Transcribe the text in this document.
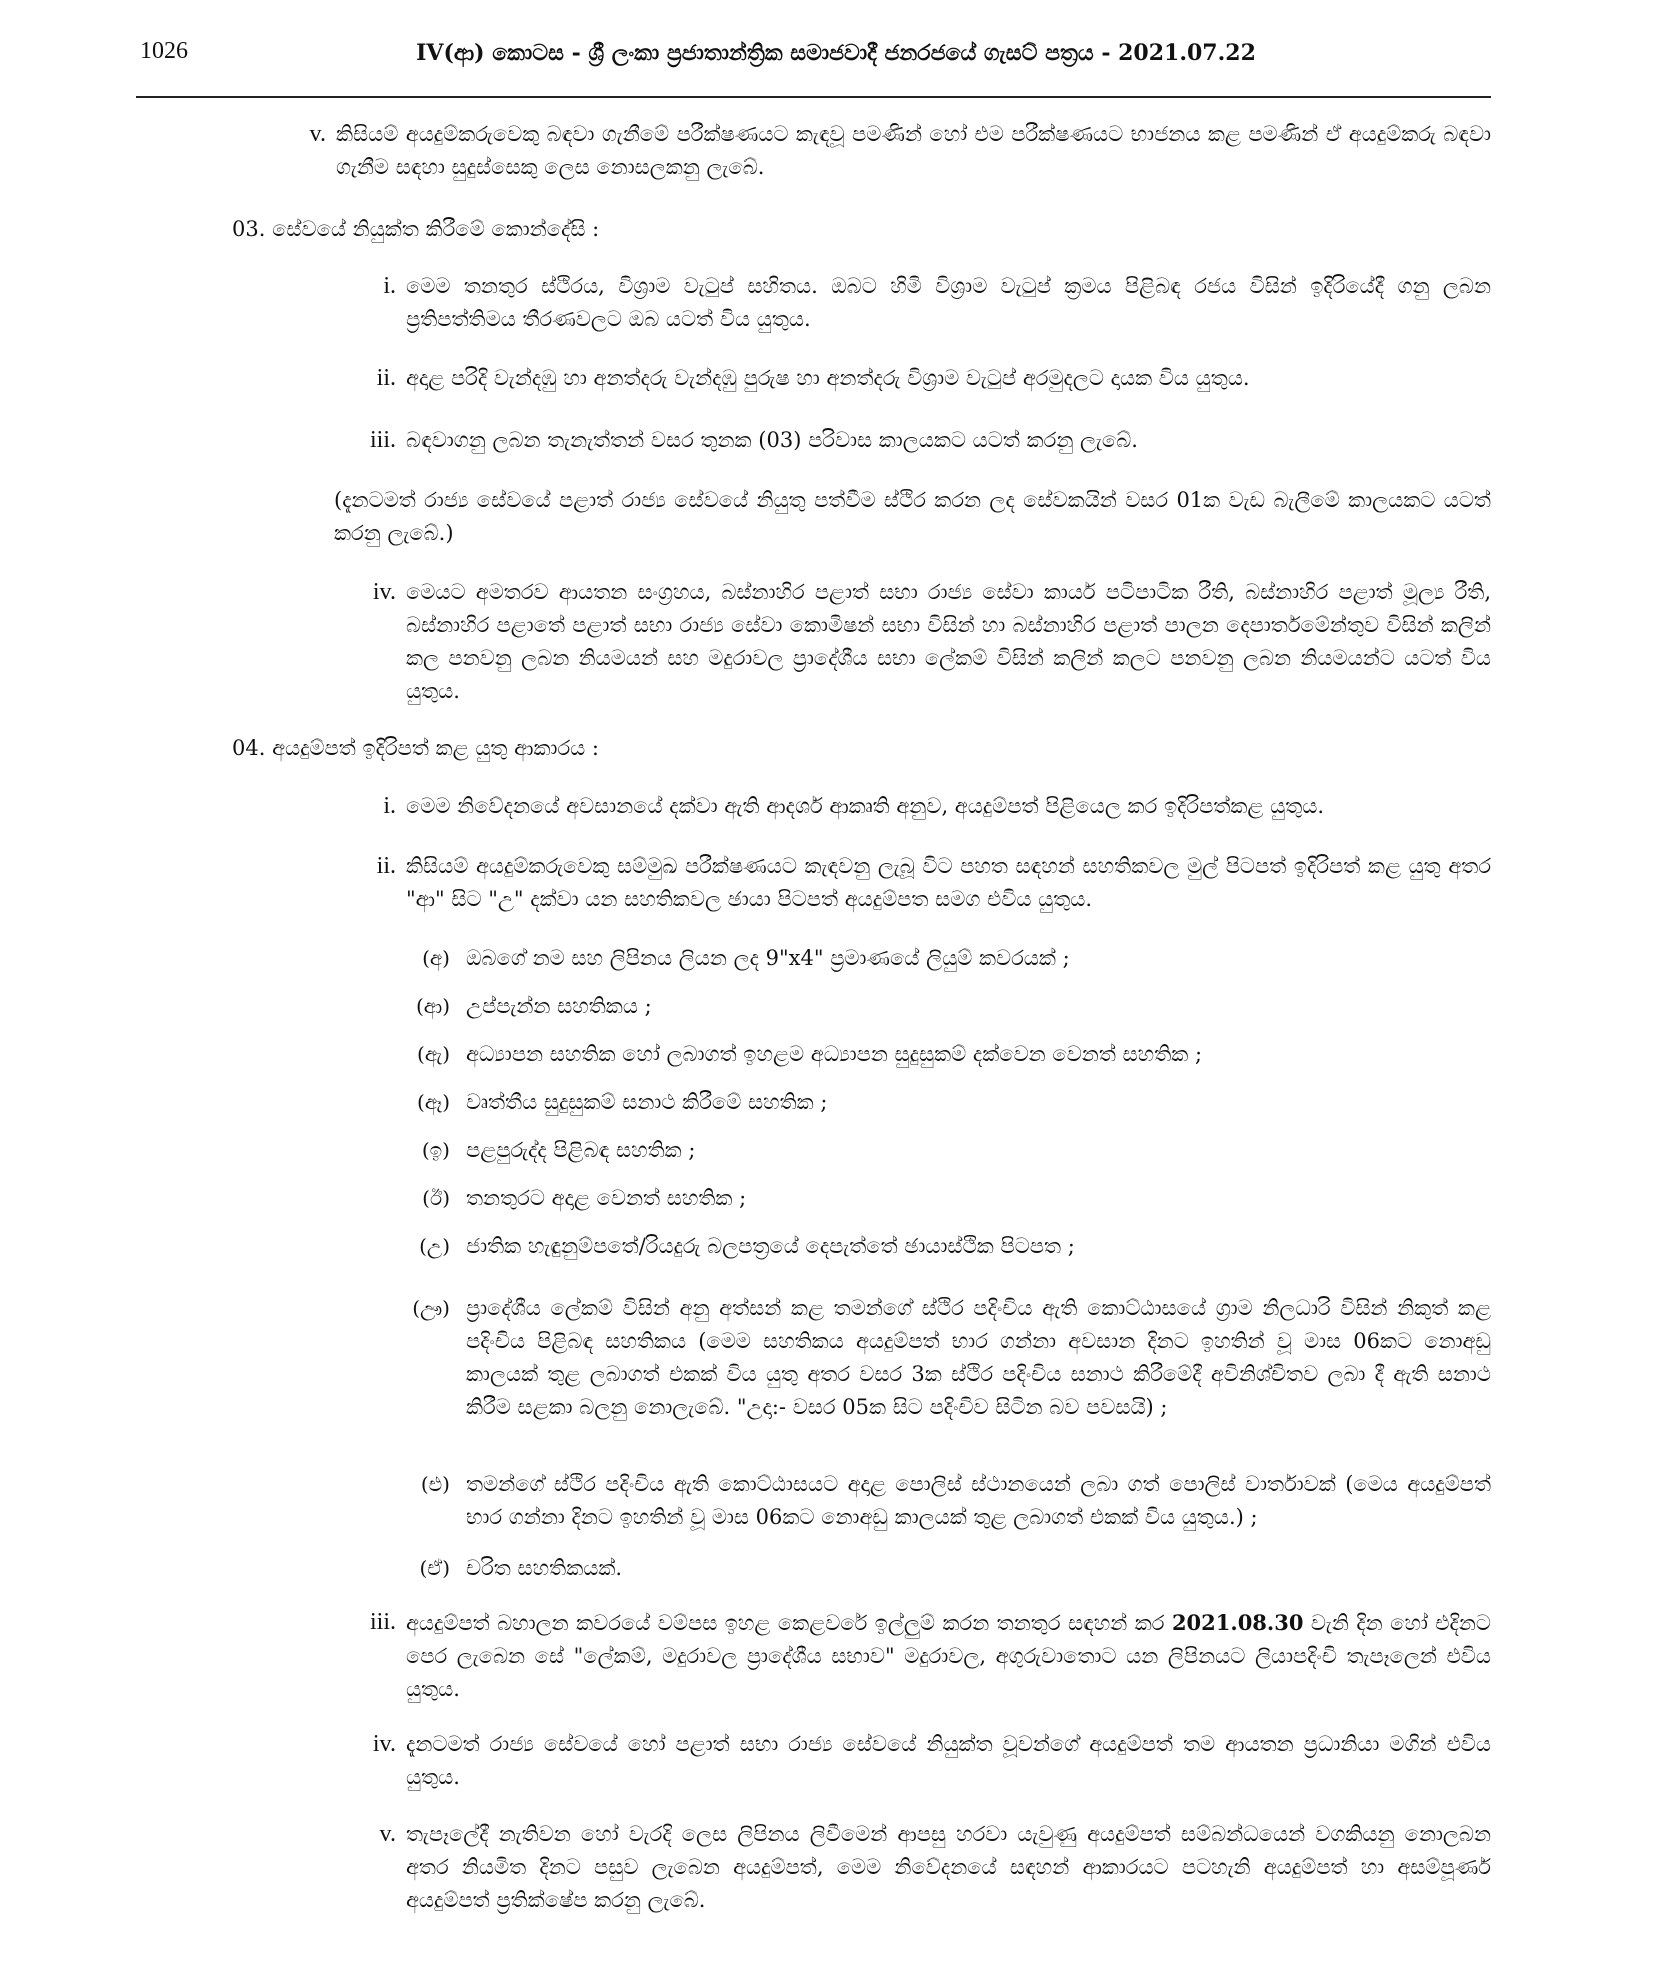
1026	IV(ආ) කොටස - ශ්‍රී ලංකා ප්‍රජාතාන්ත්‍රික සමාජවාදී ජනරජයේ ගැසට් පත්‍රය - 2021.07.22
v. කිසියම් අයදුම්කරුවෙකු බඳවා ගැනීමේ පරීක්ෂණයට කැඳවූ පමණින් හෝ එම පරීක්ෂණයට භාජනය කළ පමණින් ඒ අයදුම්කරු බඳවා ගැනීම සඳහා සුදුස්සෙකු ලෙස නොසලකනු ලැබේ.

03. සේවයේ නියුක්ත කිරීමේ කොන්දේසි :

i. මෙම තනතුර ස්ථිරය, විශ්‍රාම වැටුප් සහිතය. ඔබට හිමි විශ්‍රාම වැටුප් ක්‍රමය පිළිබඳ රජය විසින් ඉදිරියේදී ගනු ලබන ප්‍රතිපත්තිමය තීරණවලට ඔබ යටත් විය යුතුය.

ii. අදාළ පරිදි වැන්දඹු හා අනත්දරු වැන්දඹු පුරුෂ හා අනත්දරු විශ්‍රාම වැටුප් අරමුදලට දායක විය යුතුය.

iii. බඳවාගනු ලබන තැනැත්තන් වසර තුනක (03) පරිවාස කාලයකට යටත් කරනු ලැබේ.

(දැනටමත් රාජ්‍ය සේවයේ පළාත් රාජ්‍ය සේවයේ නියුතු පත්වීම ස්ථිර කරන ලද සේවකයින් වසර 01ක වැඩ බැලීමේ කාලයකට යටත් කරනු ලැබේ.)

iv. මෙයට අමතරව ආයතන සංග්‍රහය, බස්නාහිර පළාත් සභා රාජ්‍ය සේවා කාර්ය පටිපාටික රීති, බස්නාහිර පළාත් මූල්‍ය රීති, බස්නාහිර පළාතේ පළාත් සභා රාජ්‍ය සේවා කොමිෂන් සභා විසින් හා බස්නාහිර පළාත් පාලන දෙපාර්තමේන්තුව විසින් කලින් කල පනවනු ලබන නියමයන් සහ මදුරාවල ප්‍රාදේශීය සභා ලේකම් විසින් කලින් කලට පනවනු ලබන නියමයන්ට යටත් විය යුතුය.

04. අයදුම්පත් ඉදිරිපත් කළ යුතු ආකාරය :

i. මෙම නිවේදනයේ අවසානයේ දක්වා ඇති ආදර්ශ ආකෘති අනුව, අයදුම්පත් පිළියෙල කර ඉදිරිපත්කළ යුතුය.

ii. කිසියම් අයදුම්කරුවෙකු සම්මුඛ පරීක්ෂණයට කැඳවනු ලැබූ විට පහත සඳහන් සහතිකවල මුල් පිටපත් ඉදිරිපත් කළ යුතු අතර "ආ" සිට "උ" දක්වා යන සහතිකවල ඡායා පිටපත් අයදුම්පත සමග එවිය යුතුය.

(අ) ඔබගේ නම සහ ලිපිනය ලියන ලද 9"x4" ප්‍රමාණයේ ලියුම් කවරයක් ;

(ආ) උප්පැන්න සහතිකය ;

(ඇ) අධ්‍යාපන සහතික හෝ ලබාගත් ඉහළම අධ්‍යාපන සුදුසුකම් දක්වෙන වෙනත් සහතික ;

(ඈ) වෘත්තීය සුදුසුකම් සනාථ කිරීමේ සහතික ;

(ඉ) පළපුරුද්ද පිළිබඳ සහතික ;

(ඊ) තනතුරට අදාළ වෙනත් සහතික ;

(උ) ජාතික හැඳුනුම්පතේ/රියදුරු බලපත්‍රයේ දෙපැත්තේ ඡායාස්ථික පිටපත ;

(ඌ) ප්‍රාදේශීය ලේකම් විසින් අනු අත්සන් කළ තමන්ගේ ස්ථිර පදිංචිය ඇති කොට්ඨාසයේ ග්‍රාම නිලධාරි විසින් නිකුත් කළ පදිංචිය පිළිබඳ සහතිකය (මෙම සහතිකය අයදුම්පත් භාර ගන්නා අවසාන දිනට ඉහතින් වූ මාස 06කට නොඅඩු කාලයක් තුළ ලබාගත් එකක් විය යුතු අතර වසර 3ක ස්ථිර පදිංචිය සනාථ කිරීමේදී අවිනිශ්චිතව ලබා දී ඇති සනාථ කිරීම සළකා බලනු නොලැබේ. "උදා:- වසර 05ක සිට පදිංචිව සිටින බව පවසයි) ;

(එ) තමන්ගේ ස්ථිර පදිංචිය ඇති කොට්ඨාසයට අදාළ පොලිස් ස්ථානයෙන් ලබා ගත් පොලිස් වාර්තාවක් (මෙය අයදුම්පත් භාර ගන්නා දිනට ඉහතින් වූ මාස 06කට නොඅඩු කාලයක් තුළ ලබාගත් එකක් විය යුතුය.) ;

(ඒ) චරිත සහතිකයක්.

iii. අයදුම්පත් බහාලන කවරයේ වම්පස ඉහළ කෙළවරේ ඉල්ලුම් කරන තනතුර සඳහන් කර 2021.08.30 වැනි දින හෝ එදිනට පෙර ලැබෙන සේ "ලේකම්, මදුරාවල ප්‍රාදේශීය සභාව" මදුරාවල, අගුරුවාතොට යන ලිපිනයට ලියාපදිංචි තැපෑලෙන් එවිය යුතුය.

iv. දැනටමත් රාජ්‍ය සේවයේ හෝ පළාත් සභා රාජ්‍ය සේවයේ නියුක්ත වූවන්ගේ අයදුම්පත් තම ආයතන ප්‍රධානියා මගින් එවිය යුතුය.

v. තැපෑලේදී නැතිවන හෝ වැරදි ලෙස ලිපිනය ලිවීමෙන් ආපසු හරවා යැවුණු අයදුම්පත් සම්බන්ධයෙන් වගකියනු නොලබන අතර නියමිත දිනට පසුව ලැබෙන අයදුම්පත්, මෙම නිවේදනයේ සඳහන් ආකාරයට පටහැනි අයදුම්පත් හා අසම්පූර්ණ අයදුම්පත් ප්‍රතික්ෂේප කරනු ලැබේ.
